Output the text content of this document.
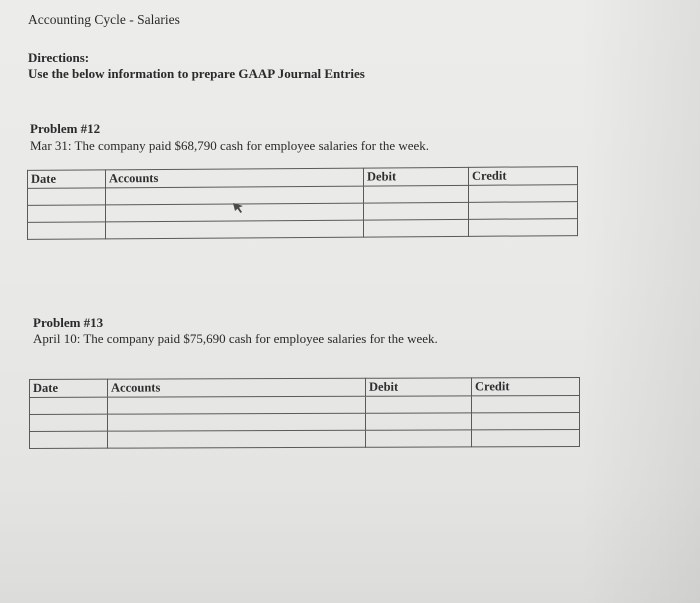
Accounting Cycle - Salaries
Directions:
Use the below information to prepare GAAP Journal Entries
Problem #12
Mar 31: The company paid $68,790 cash for employee salaries for the week.
Date	Accounts	Debit	Credit

Problem #13
April 10: The company paid $75,690 cash for employee salaries for the week.
Date	Accounts	Debit	Credit
